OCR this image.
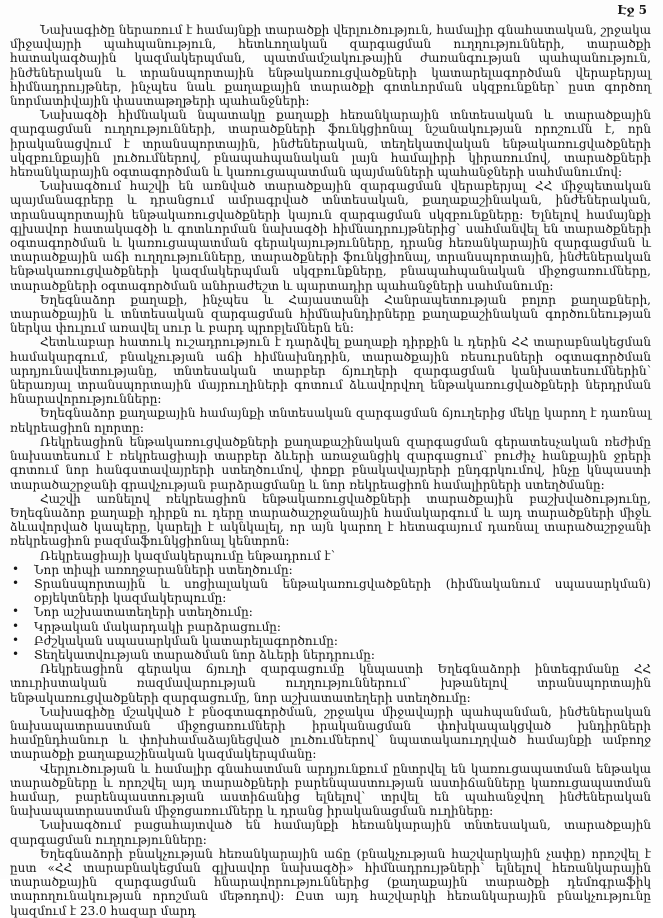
Էջ 5

Նախագիծը ներառում է համայնքի տարածքի վերլուծություն, համալիր գնահատական, շրջակա միջավայրի պահպանություն, հետևողական զարգացման ուղղությունների, տարածքի հատակագծային կազմակերպման, պատմամշակութային ժառանգության պահպանություն, ինժեներական և տրանսպորտային ենթակառուցվածքների կատարելագործման վերաբերյալ հիմնադրույթներ, ինչպես նաև քաղաքային տարածքի գոտևորման սկզբունքներ՝ ըստ գործող նորմատիվային փաստաթղթերի պահանջների։

Նախագծի հիմնական նպատակը քաղաքի հեռանկարային տնտեսական և տարածքային զարգացման ուղղությունների, տարածքների ֆունկցիոնալ նշանակության որոշումն է, որն իրականացվում է տրանսպորտային, ինժեներական, տեղեկատվական ենթակառուցվածքների սկզբունքային լուծումներով, բնապահպանական լայն համալիրի կիրառումով, տարածքների հեռանկարային օգտագործման և կառուցապատման պայմանների պահանջների սահմանումով։

Նախագծում հաշվի են առնված տարածքային զարգացման վերաբերյալ ՀՀ միջպետական պայմանագրերը և դրանցում ամրագրված տնտեսական, քաղաքաշինական, ինժեներական, տրանսպորտային ենթակառուցվածքների կայուն զարգացման սկզբունքները։ Ելնելով համայնքի գլխավոր հատակագծի և գոտևորման նախագծի հիմնադրույթներից՝ սահմանվել են տարածքների օգտագործման և կառուցապատման գերակայությունները, դրանց հեռանկարային զարգացման և տարածքային աճի ուղղությունները, տարածքների ֆունկցիոնալ, տրանսպորտային, ինժեներական ենթակառուցվածքների կազմակերպման սկզբունքները, բնապահպանական միջոցառումները, տարածքների օգտագործման անհրաժեշտ և պարտադիր պահանջների սահմանումը։

Եղեգնաձոր քաղաքի, ինչպես և Հայաստանի Հանրապետության բոլոր քաղաքների, տարածքային և տնտեսական զարգացման հիմնախնդիրները քաղաքաշինական գործունեության ներկա փուլում առավել սուր և բարդ պրոբլեմներն են։

Հետևաբար հատուկ ուշադրություն է դարձվել քաղաքի դիրքին և դերին ՀՀ տարաբնակեցման համակարգում, բնակչության աճի հիմնախնդրին, տարածքային ռեսուրսների օգտագործման արդյունավետությանը, տնտեսական տարբեր ճյուղերի զարգացման կանխատեսումներին՝ ներառյալ տրանսպորտային մայրուղիների գոտում ձևավորվող ենթակառուցվածքների ներդրման հնարավորությունները։

Եղեգնաձոր քաղաքային համայնքի տնտեսական զարգացման ճյուղերից մեկը կարող է դառնալ ռեկրեացիոն ոլորտը։

Ռեկրեացիոն ենթակառուցվածքների քաղաքաշինական զարգացման գերատեսչական ռեժիմը նախատեսում է ռեկրեացիայի տարբեր ձևերի առաջանցիկ զարգացում՝ բուժիչ հանքային ջրերի գոտում նոր հանգստավայրերի ստեղծումով, փոքր բնակավայրերի ընդգրկումով, ինչը կնպաստի տարածաշրջանի գրավչության բարձրացմանը և նոր ռեկրեացիոն համալիրների ստեղծմանը։

Հաշվի առնելով ռեկրեացիոն ենթակառուցվածքների տարածքային բաշխվածությունը, Եղեգնաձոր քաղաքի դիրքն ու դերը տարածաշրջանային համակարգում և այդ տարածքների միջև ձևավորված կապերը, կարելի է ակնկալել, որ այն կարող է հետագայում դառնալ տարածաշրջանի ռեկրեացիոն բազմաֆունկցիոնալ կենտրոն։

Ռեկրեացիայի կազմակերպումը ենթադրում է՝

• Նոր տիպի առողջարանների ստեղծումը։
• Տրանսպորտային և սոցիալական ենթակառուցվածքների (հիմնականում սպասարկման) օբյեկտների կազմակերպումը։
• Նոր աշխատատեղերի ստեղծումը։
• Կրթական մակարդակի բարձրացումը։
• Բժշկական սպասարկման կատարելագործումը։
• Տեղեկատվության տարածման նոր ձևերի ներդրումը։

Ռեկրեացիոն գերակա ճյուղի զարգացումը կնպաստի Եղեգնաձորի ինտեգրմանը ՀՀ տուրիստական ռազմավարության ուղղություններում՝ խթանելով տրանսպորտային ենթակառուցվածքների զարգացումը, նոր աշխատատեղերի ստեղծումը։

Նախագիծը մշակված է բնօգտագործման, շրջակա միջավայրի պահպանման, ինժեներական նախապատրաստման միջոցառումների իրականացման փոխկապակցված խնդիրների համընդհանուր և փոխհամաձայնեցված լուծումներով՝ նպատակաուղղված համայնքի ամբողջ տարածքի քաղաքաշինական կազմակերպմանը։

Վերլուծության և համալիր գնահատման արդյունքում ընտրվել են կառուցապատման ենթակա տարածքները և որոշվել այդ տարածքների բարենպաստության աստիճանները կառուցապատման համար, բարենպաստության աստիճանից ելնելով՝ տրվել են պահանջվող ինժեներական նախապատրաստման միջոցառումները և դրանց իրականացման ուղիները։

Նախագծում բացահայտված են համայնքի հեռանկարային տնտեսական, տարածքային զարգացման ուղղությունները։

Եղեգնաձորի բնակչության հեռանկարային աճը (բնակչության հաշվարկային չափը) որոշվել է ըստ «ՀՀ տարաբնակեցման գլխավոր նախագծի» հիմնադրույթների՝ ելնելով հեռանկարային տարածքային զարգացման հնարավորություններից (քաղաքային տարածքի դեմոգրաֆիկ տարողունակության որոշման մեթոդով)։ Ըստ այդ հաշվարկի հեռանկարային բնակչությունը կազմում է 23.0 հազար մարդ
